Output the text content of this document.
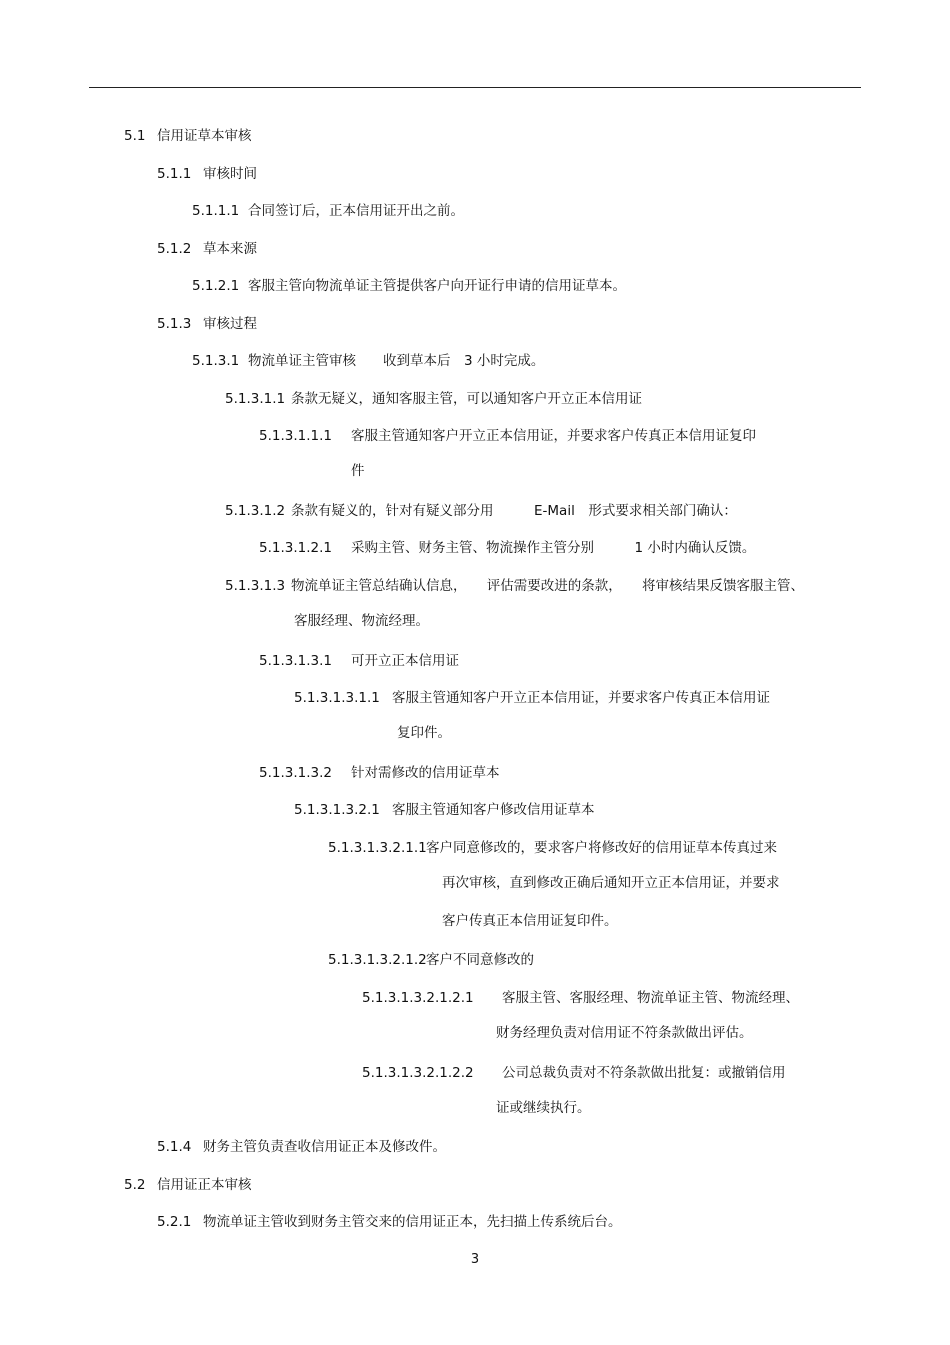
5.1 信用证草本审核
5.1.1 审核时间
5.1.1.1 合同签订后，正本信用证开出之前。
5.1.2 草本来源
5.1.2.1 客服主管向物流单证主管提供客户向开证行申请的信用证草本。
5.1.3 审核过程
5.1.3.1 物流单证主管审核　　收到草本后　3 小时完成。
5.1.3.1.1 条款无疑义，通知客服主管，可以通知客户开立正本信用证
5.1.3.1.1.1 客服主管通知客户开立正本信用证，并要求客户传真正本信用证复印
件
5.1.3.1.2 条款有疑义的，针对有疑义部分用　　　E-Mail　形式要求相关部门确认：
5.1.3.1.2.1 采购主管、财务主管、物流操作主管分别　　　1 小时内确认反馈。
5.1.3.1.3 物流单证主管总结确认信息，　　评估需要改进的条款，　　将审核结果反馈客服主管、
客服经理、物流经理。
5.1.3.1.3.1 可开立正本信用证
5.1.3.1.3.1.1 客服主管通知客户开立正本信用证，并要求客户传真正本信用证
复印件。
5.1.3.1.3.2 针对需修改的信用证草本
5.1.3.1.3.2.1 客服主管通知客户修改信用证草本
5.1.3.1.3.2.1.1客户同意修改的，要求客户将修改好的信用证草本传真过来
再次审核，直到修改正确后通知开立正本信用证，并要求
客户传真正本信用证复印件。
5.1.3.1.3.2.1.2客户不同意修改的
5.1.3.1.3.2.1.2.1 客服主管、客服经理、物流单证主管、物流经理、
财务经理负责对信用证不符条款做出评估。
5.1.3.1.3.2.1.2.2 公司总裁负责对不符条款做出批复：或撤销信用
证或继续执行。
5.1.4 财务主管负责查收信用证正本及修改件。
5.2 信用证正本审核
5.2.1 物流单证主管收到财务主管交来的信用证正本，先扫描上传系统后台。
3
